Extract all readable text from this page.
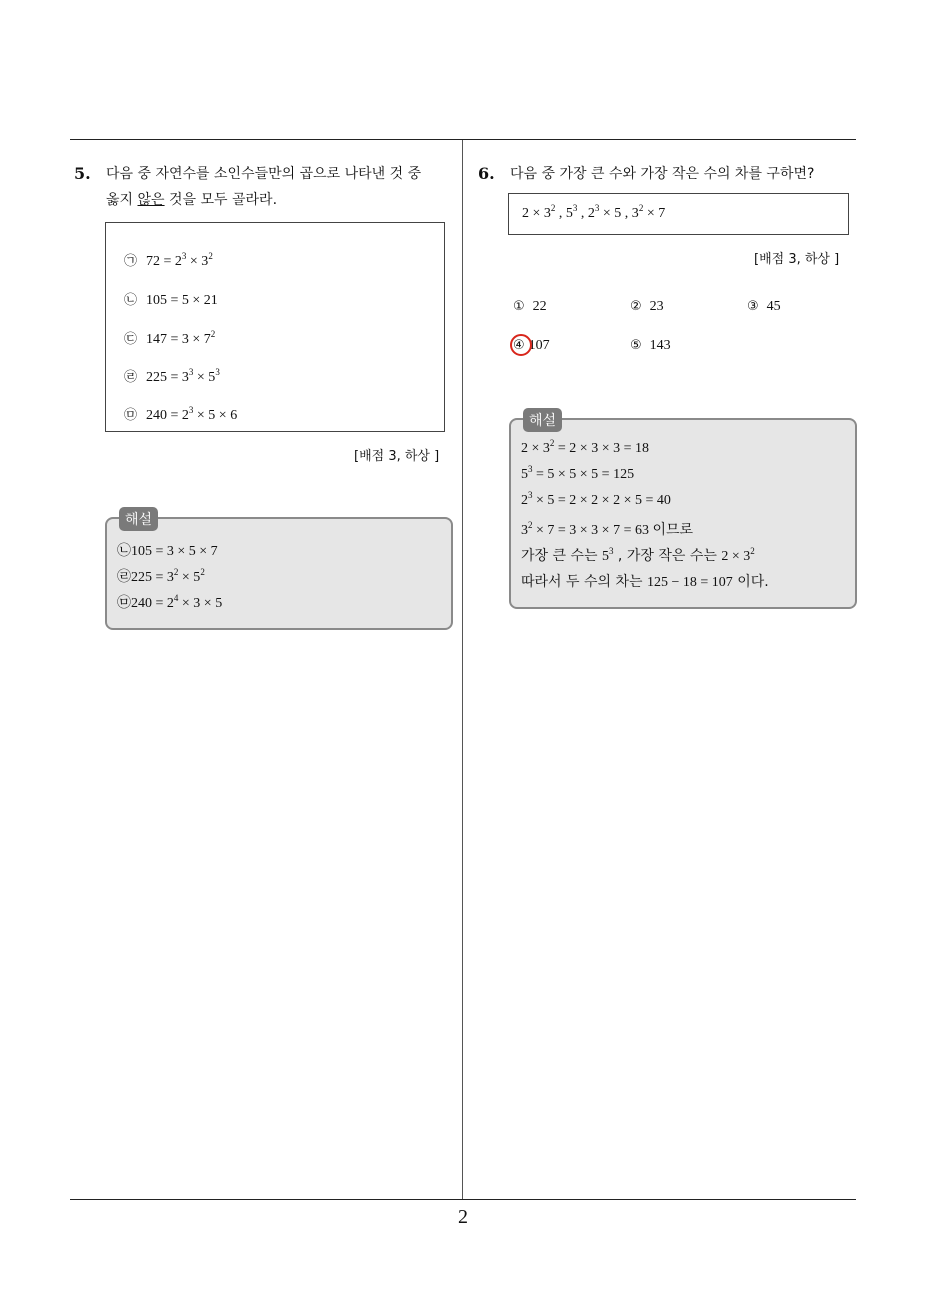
2
5. 다음 중 자연수를 소인수들만의 곱으로 나타낸 것 중
옳지 않은 것을 모두 골라라.
㉠ $72 = 2^3 \times 3^2$
㉡ 105 = 5 × 21
㉢ $147 = 3 \times 7^2$
㉣ $225 = 3^3 \times 5^3$
㉤ $240 = 2^3 \times 5 \times 6$
[배점 3, 하상 ]
해설
㉡105 = 3 × 5 × 7
㉣225 = $3^2 \times 5^2$
㉤240 = $2^4 \times 3 \times 5$
6. 다음 중 가장 큰 수와 가장 작은 수의 차를 구하면?
$2 \times 3^2$ , $5^3$ , $2^3 \times 5$ , $3^2 \times 7$
[배점 3, 하상 ]
① 22	② 23	③ 45
④ 107	⑤ 143
해설
$2 \times 3^2 = 2 \times 3 \times 3 = 18$
$5^3 = 5 \times 5 \times 5 = 125$
$2^3 \times 5 = 2 \times 2 \times 2 \times 5 = 40$
$3^2 \times 7 = 3 \times 3 \times 7 = 63$ 이므로
가장 큰 수는 $5^3$ , 가장 작은 수는 $2 \times 3^2$
따라서 두 수의 차는 125 − 18 = 107 이다.
